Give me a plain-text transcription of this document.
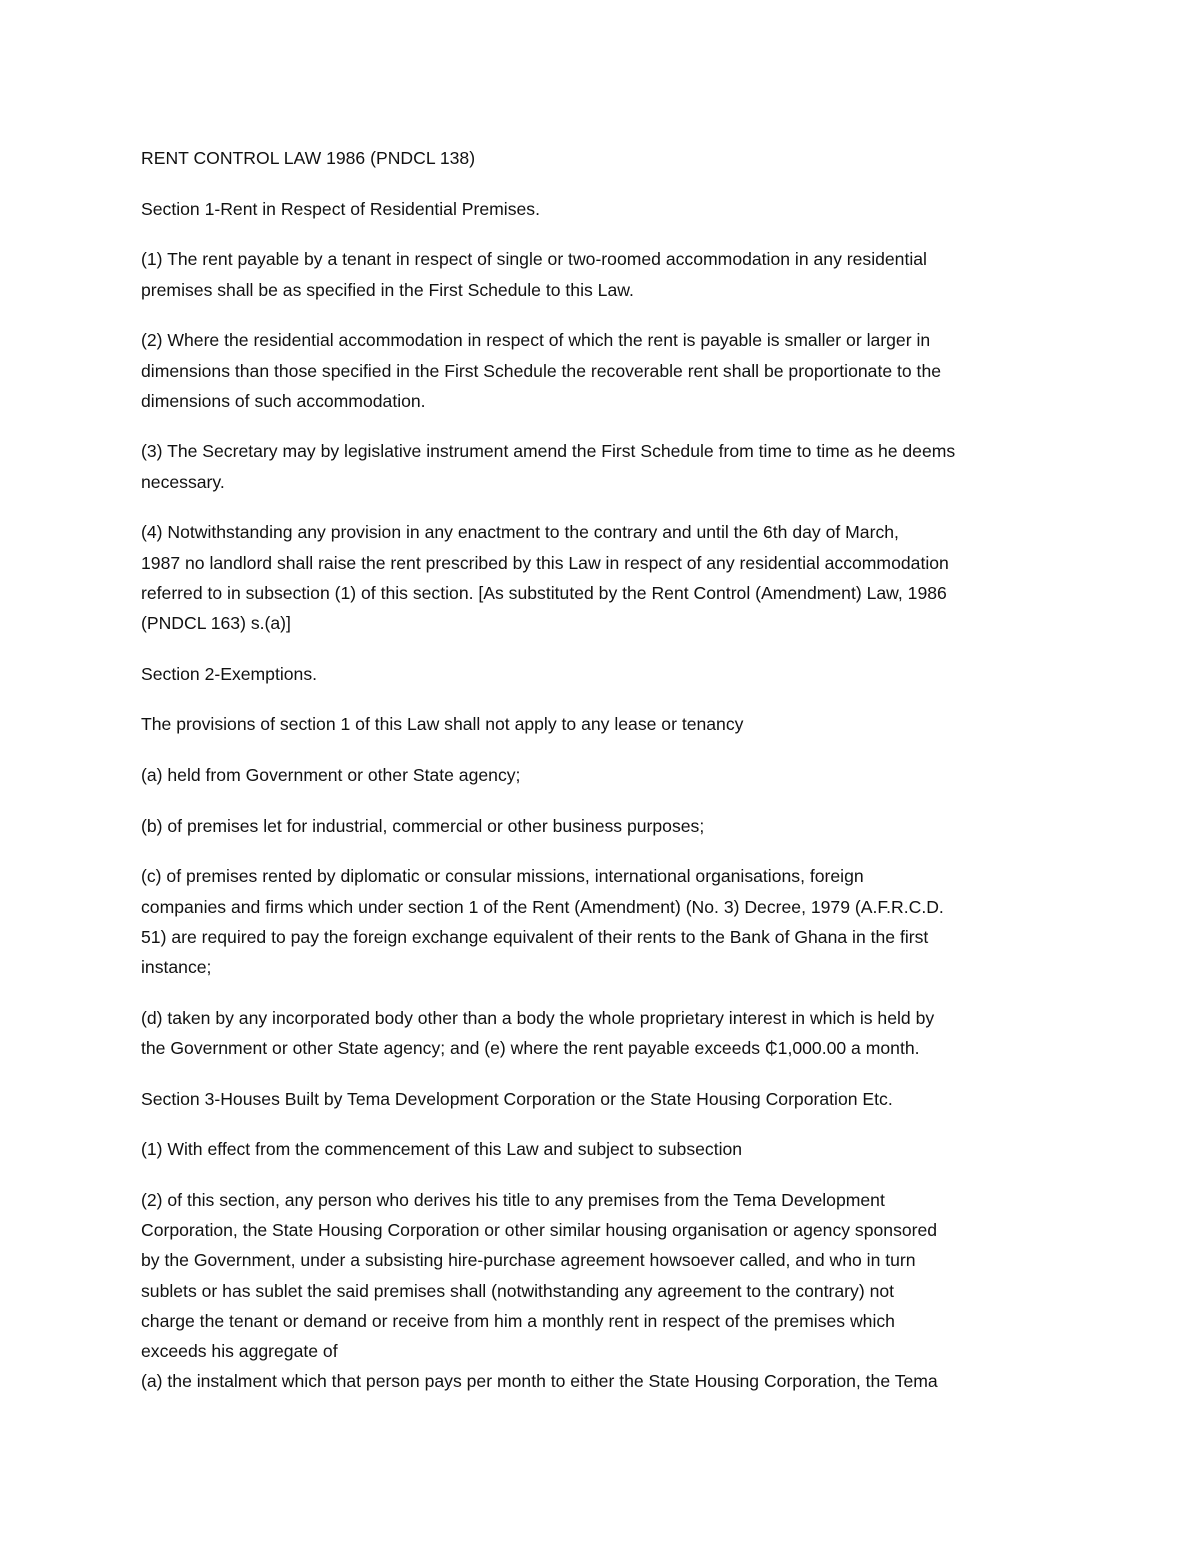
RENT CONTROL LAW 1986 (PNDCL 138)

Section 1-Rent in Respect of Residential Premises.

(1) The rent payable by a tenant in respect of single or two-roomed accommodation in any residential

premises shall be as specified in the First Schedule to this Law.

(2) Where the residential accommodation in respect of which the rent is payable is smaller or larger in

dimensions than those specified in the First Schedule the recoverable rent shall be proportionate to the

dimensions of such accommodation.

(3) The Secretary may by legislative instrument amend the First Schedule from time to time as he deems

necessary.

(4) Notwithstanding any provision in any enactment to the contrary and until the 6th day of March,

1987 no landlord shall raise the rent prescribed by this Law in respect of any residential accommodation

referred to in subsection (1) of this section. [As substituted by the Rent Control (Amendment) Law, 1986

(PNDCL 163) s.(a)]

Section 2-Exemptions.

The provisions of section 1 of this Law shall not apply to any lease or tenancy

(a) held from Government or other State agency;

(b) of premises let for industrial, commercial or other business purposes;

(c) of premises rented by diplomatic or consular missions, international organisations, foreign

companies and firms which under section 1 of the Rent (Amendment) (No. 3) Decree, 1979 (A.F.R.C.D.

51) are required to pay the foreign exchange equivalent of their rents to the Bank of Ghana in the first

instance;

(d) taken by any incorporated body other than a body the whole proprietary interest in which is held by

the Government or other State agency; and (e) where the rent payable exceeds ₵1,000.00 a month.

Section 3-Houses Built by Tema Development Corporation or the State Housing Corporation Etc.

(1) With effect from the commencement of this Law and subject to subsection

(2) of this section, any person who derives his title to any premises from the Tema Development

Corporation, the State Housing Corporation or other similar housing organisation or agency sponsored

by the Government, under a subsisting hire-purchase agreement howsoever called, and who in turn

sublets or has sublet the said premises shall (notwithstanding any agreement to the contrary) not

charge the tenant or demand or receive from him a monthly rent in respect of the premises which

exceeds his aggregate of

(a) the instalment which that person pays per month to either the State Housing Corporation, the Tema
